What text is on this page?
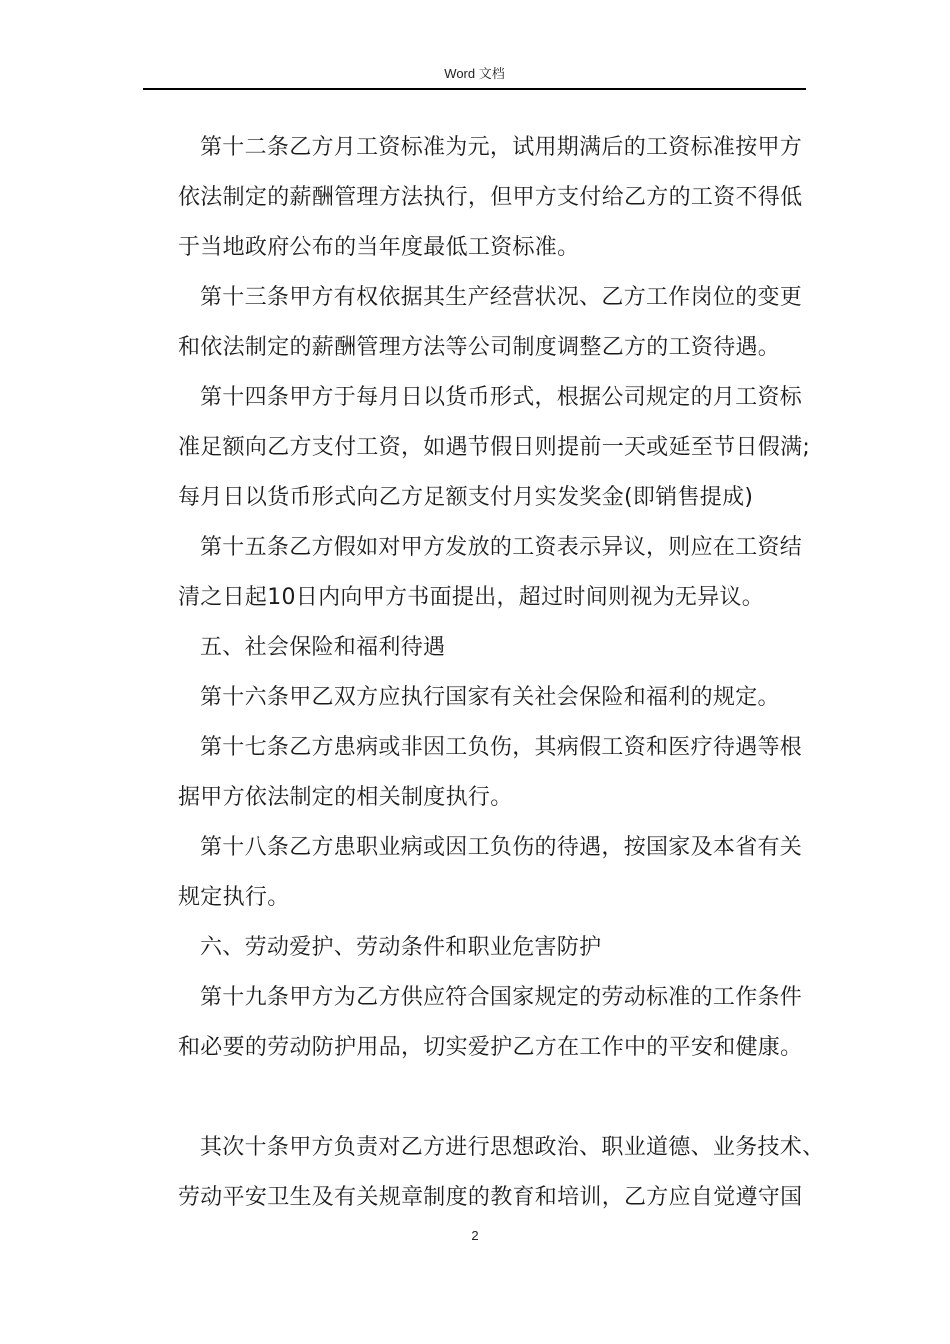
Word 文档
第十二条乙方月工资标准为元，试用期满后的工资标准按甲方
依法制定的薪酬管理方法执行，但甲方支付给乙方的工资不得低
于当地政府公布的当年度最低工资标准。
第十三条甲方有权依据其生产经营状况、乙方工作岗位的变更
和依法制定的薪酬管理方法等公司制度调整乙方的工资待遇。
第十四条甲方于每月日以货币形式，根据公司规定的月工资标
准足额向乙方支付工资，如遇节假日则提前一天或延至节日假满;
每月日以货币形式向乙方足额支付月实发奖金(即销售提成)
第十五条乙方假如对甲方发放的工资表示异议，则应在工资结
清之日起10日内向甲方书面提出，超过时间则视为无异议。
五、社会保险和福利待遇
第十六条甲乙双方应执行国家有关社会保险和福利的规定。
第十七条乙方患病或非因工负伤，其病假工资和医疗待遇等根
据甲方依法制定的相关制度执行。
第十八条乙方患职业病或因工负伤的待遇，按国家及本省有关
规定执行。
六、劳动爱护、劳动条件和职业危害防护
第十九条甲方为乙方供应符合国家规定的劳动标准的工作条件
和必要的劳动防护用品，切实爱护乙方在工作中的平安和健康。
其次十条甲方负责对乙方进行思想政治、职业道德、业务技术、
劳动平安卫生及有关规章制度的教育和培训，乙方应自觉遵守国
2
